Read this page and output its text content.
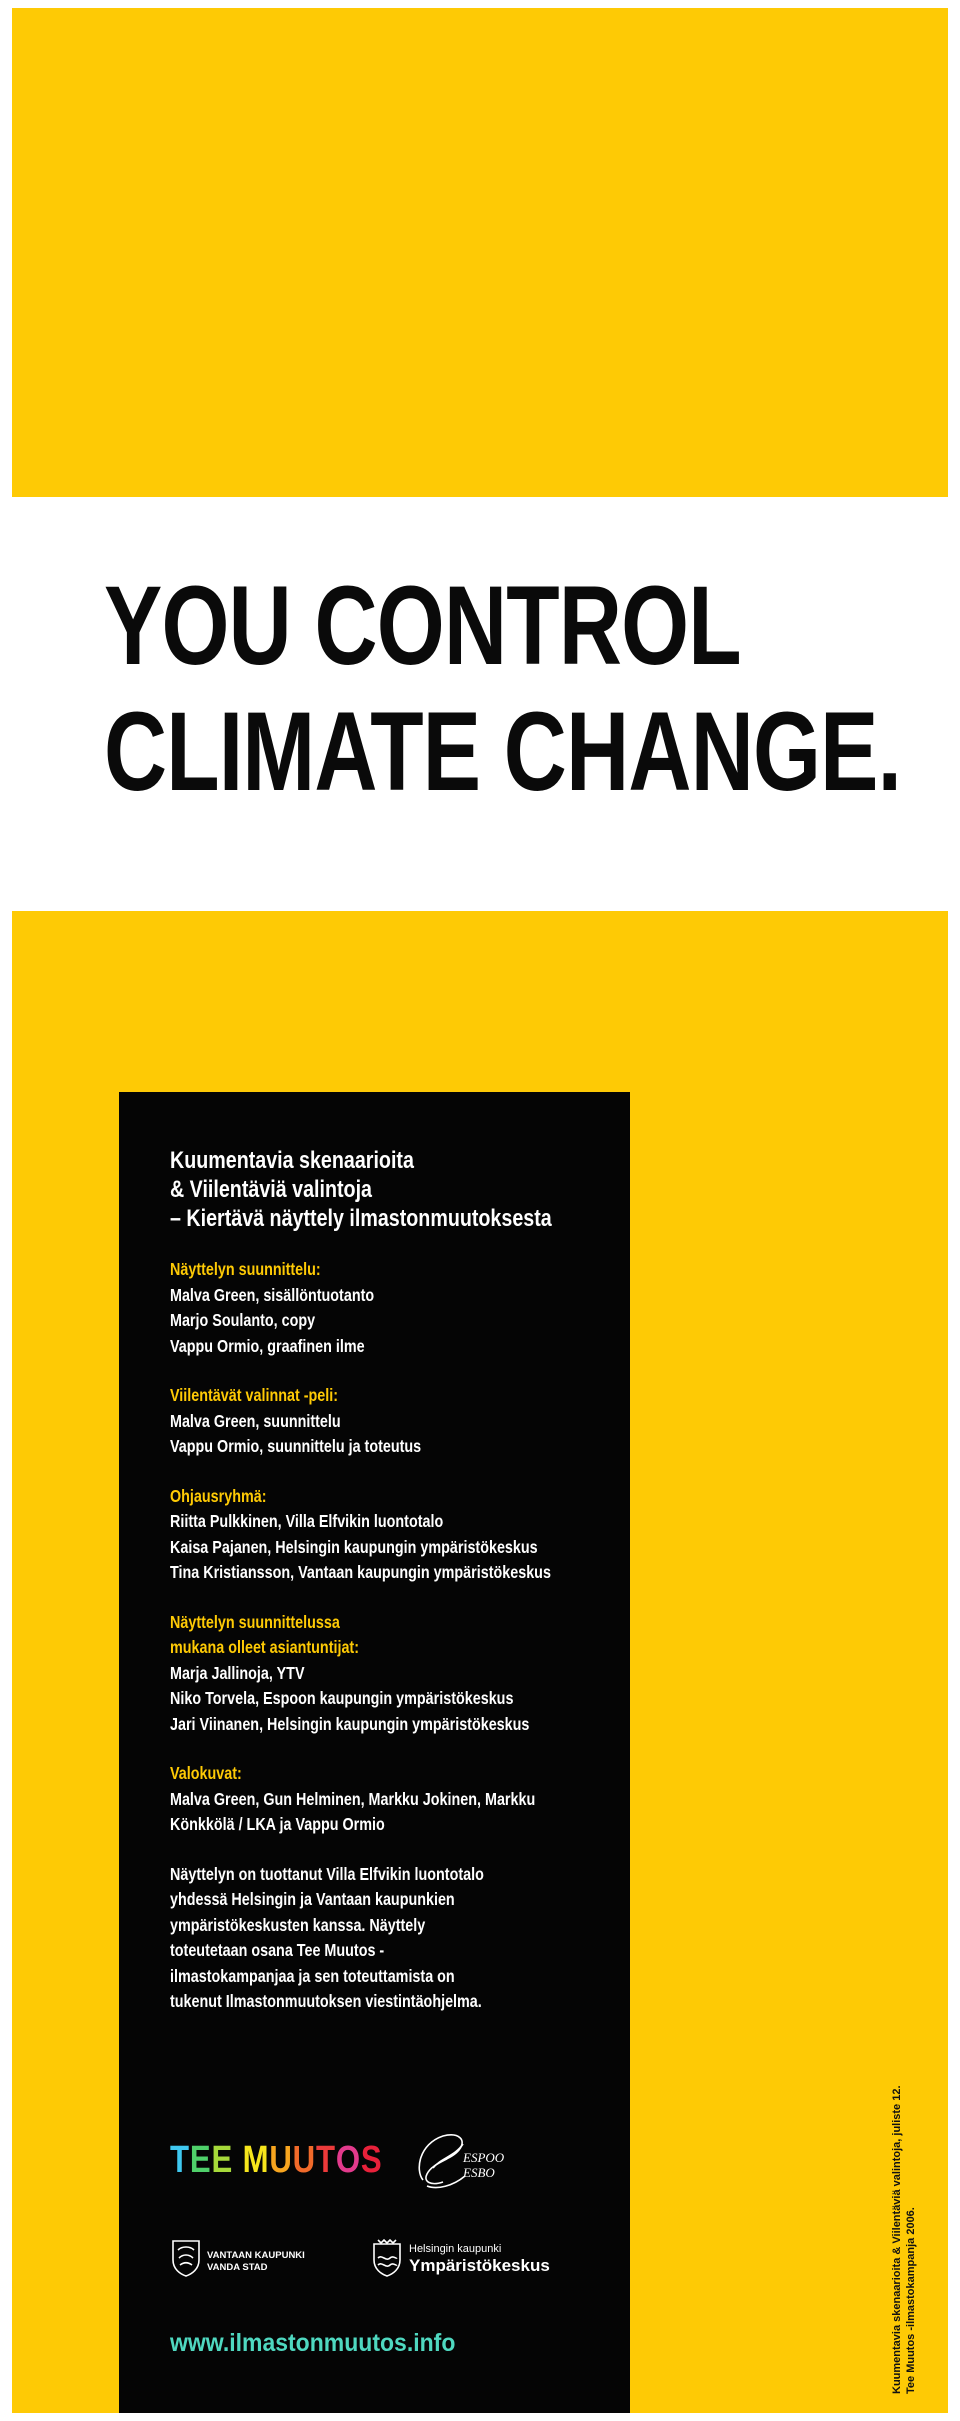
YOU CONTROL
CLIMATE CHANGE.

Kuumentavia skenaarioita
& Viilentäviä valintoja
– Kiertävä näyttely ilmastonmuutoksesta

Näyttelyn suunnittelu:
Malva Green, sisällöntuotanto
Marjo Soulanto, copy
Vappu Ormio, graafinen ilme
Viilentävät valinnat -peli:
Malva Green, suunnittelu
Vappu Ormio, suunnittelu ja toteutus
Ohjausryhmä:
Riitta Pulkkinen, Villa Elfvikin luontotalo
Kaisa Pajanen, Helsingin kaupungin ympäristökeskus
Tina Kristiansson, Vantaan kaupungin ympäristökeskus
Näyttelyn suunnittelussa
mukana olleet asiantuntijat:
Marja Jallinoja, YTV
Niko Torvela, Espoon kaupungin ympäristökeskus
Jari Viinanen, Helsingin kaupungin ympäristökeskus
Valokuvat:
Malva Green, Gun Helminen, Markku Jokinen, Markku
Könkkölä / LKA ja Vappu Ormio

Näyttelyn on tuottanut Villa Elfvikin luontotalo yhdessä Helsingin ja Vantaan kaupunkien ympäristökeskusten kanssa. Näyttely toteutetaan osana Tee Muutos -ilmastokampanjaa ja sen toteuttamista on tukenut Ilmastonmuutoksen viestintäohjelma.

TEE MUUTOS	ESPOO
ESBO
VANTAAN KAUPUNKI
VANDA STAD
Helsingin kaupunki
Ympäristökeskus
www.ilmastonmuutos.info	Kuumentavia skenaarioita & Viilentäviä valintoja, juliste 12. Tee Muutos -ilmastokampanja 2006.
